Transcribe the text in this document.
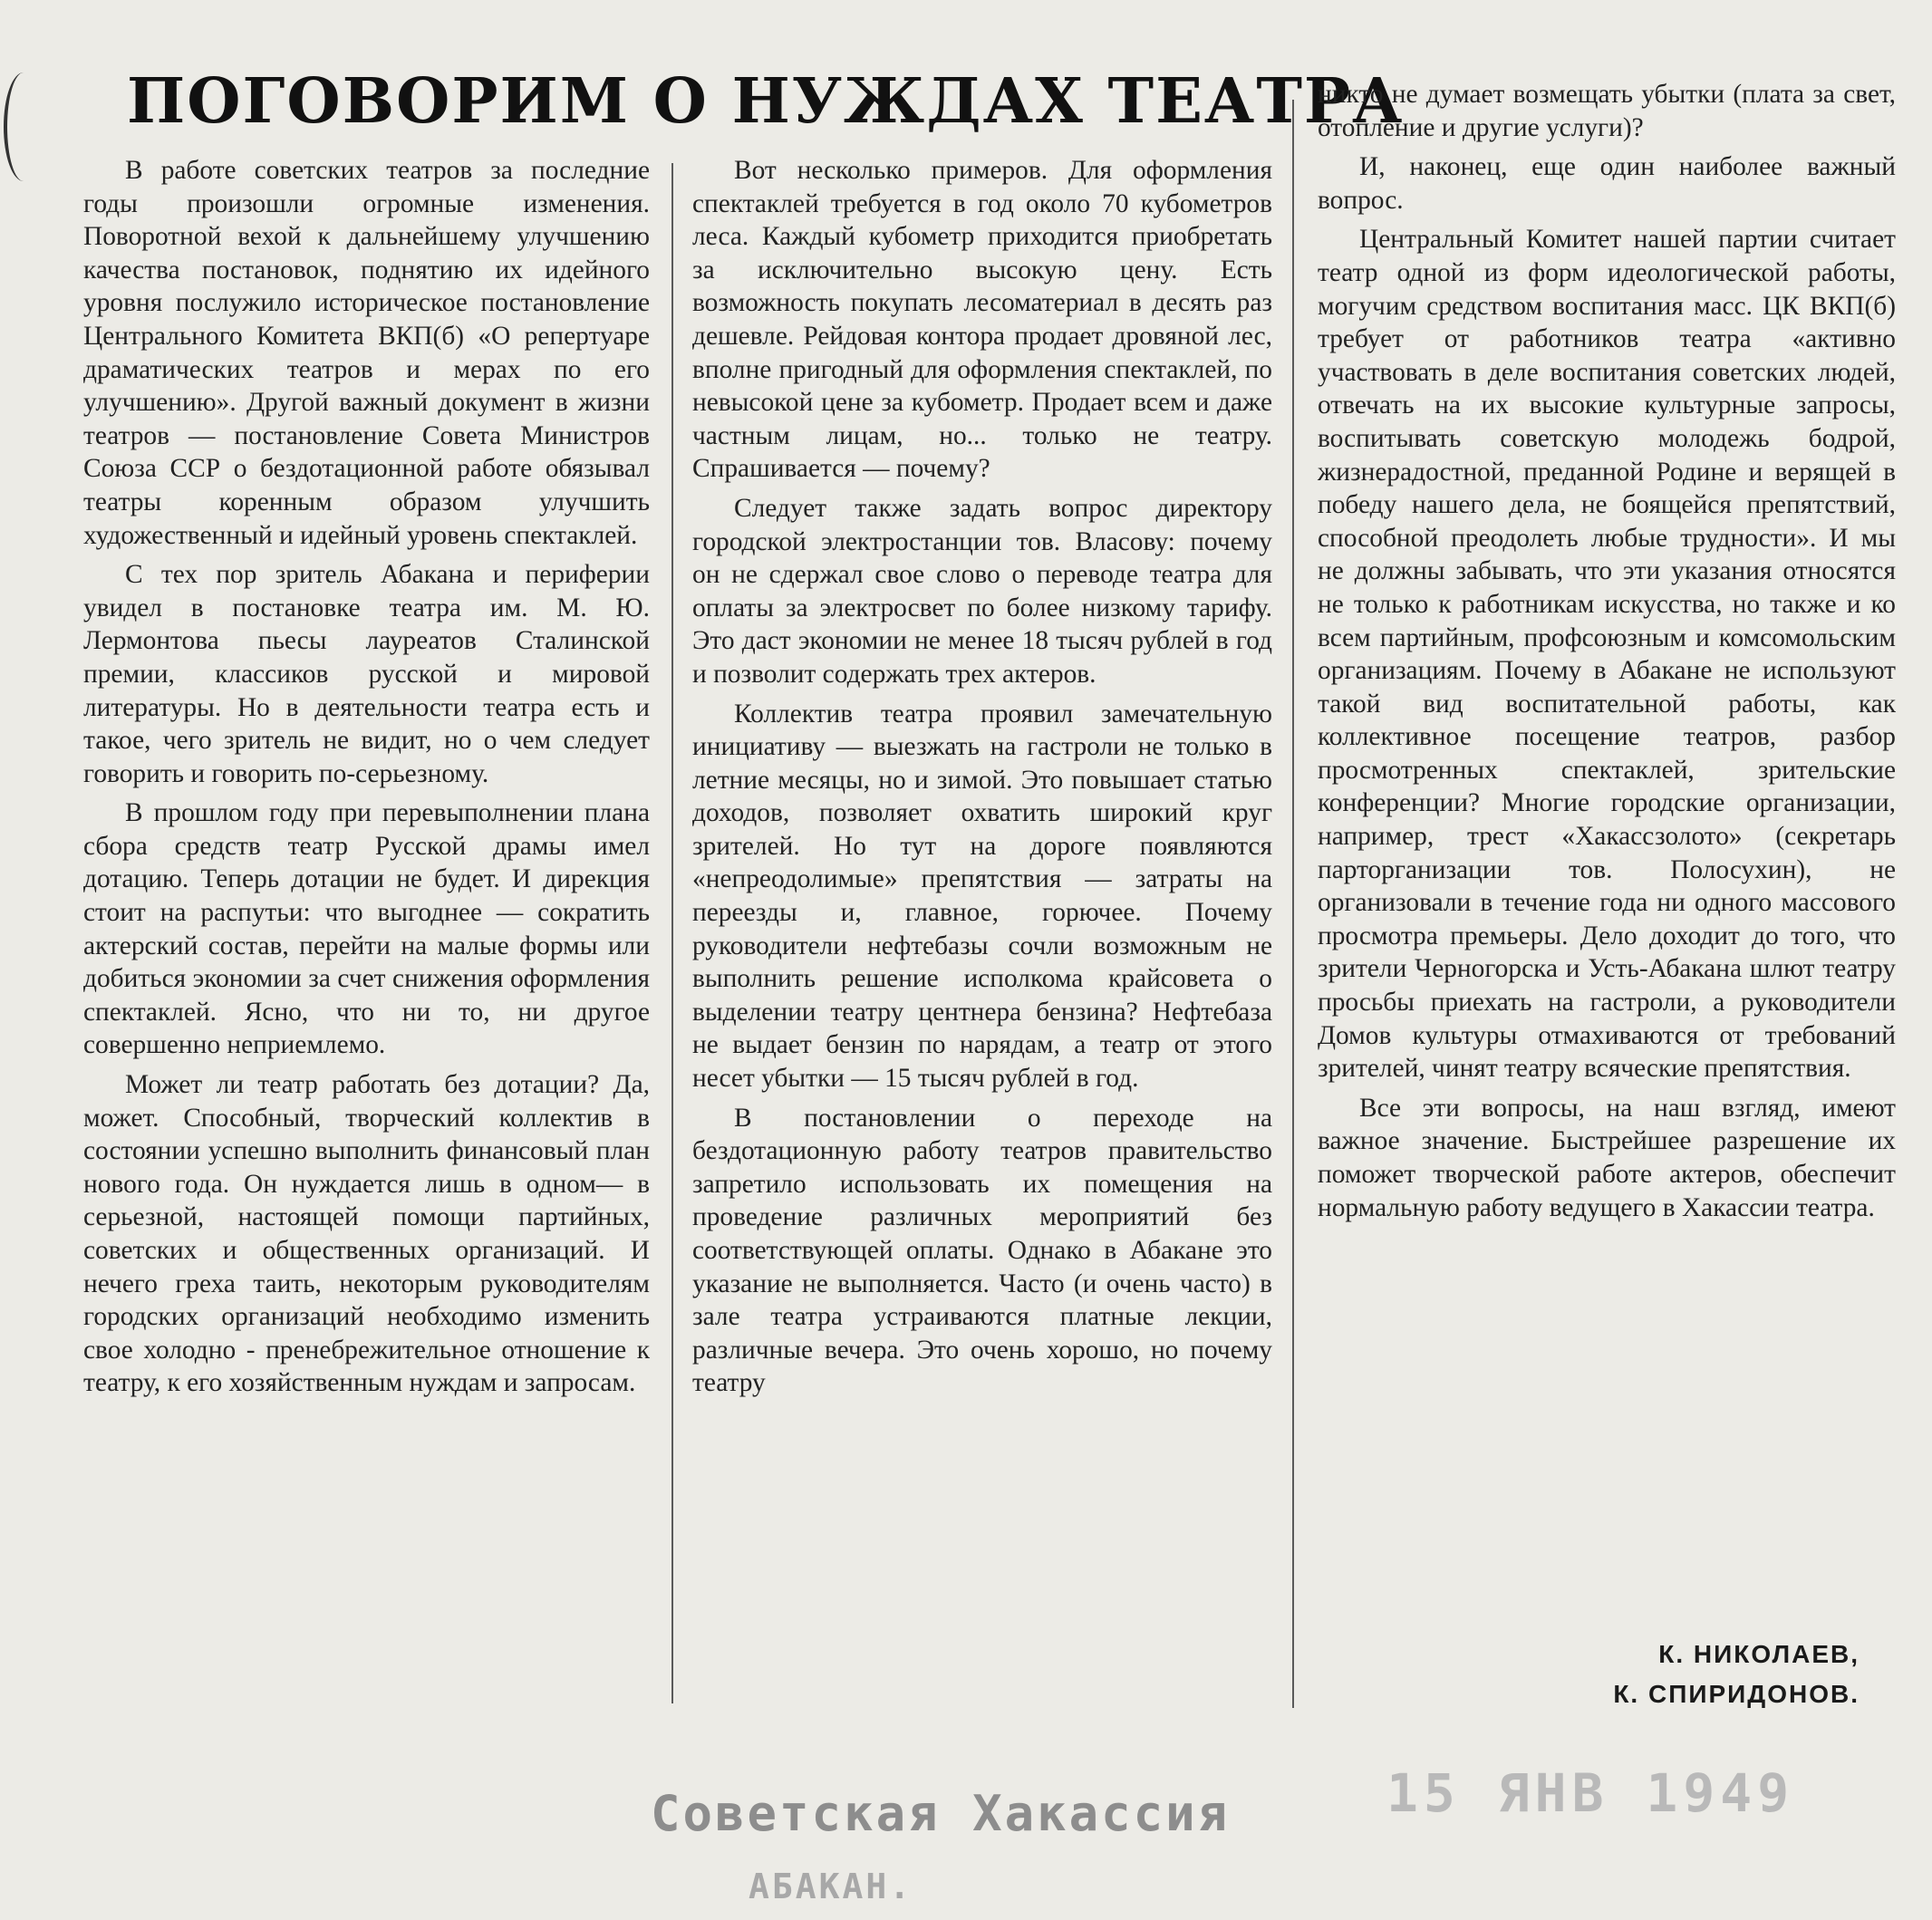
ПОГОВОРИМ О НУЖДАХ ТЕАТРА

В работе советских театров за последние годы произошли огромные изменения. Поворотной вехой к дальнейшему улучшению качества постановок, поднятию их идейного уровня послужило историческое постановление Центрального Комитета ВКП(б) «О репертуаре драматических театров и мерах по его улучшению». Другой важный документ в жизни театров — постановление Совета Министров Союза ССР о бездотационной работе обязывал театры коренным образом улучшить художественный и идейный уровень спектаклей.

С тех пор зритель Абакана и периферии увидел в постановке театра им. М. Ю. Лермонтова пьесы лауреатов Сталинской премии, классиков русской и мировой литературы. Но в деятельности театра есть и такое, чего зритель не видит, но о чем следует говорить и говорить по-серьезному.

В прошлом году при перевыполнении плана сбора средств театр Русской драмы имел дотацию. Теперь дотации не будет. И дирекция стоит на распутьи: что выгоднее — сократить актерский состав, перейти на малые формы или добиться экономии за счет снижения оформления спектаклей. Ясно, что ни то, ни другое совершенно неприемлемо.

Может ли театр работать без дотации? Да, может. Способный, творческий коллектив в состоянии успешно выполнить финансовый план нового года. Он нуждается лишь в одном— в серьезной, настоящей помощи партийных, советских и общественных организаций. И нечего греха таить, некоторым руководителям городских организаций необходимо изменить свое холодно - пренебрежительное отношение к театру, к его хозяйственным нуждам и запросам.

Вот несколько примеров. Для оформления спектаклей требуется в год около 70 кубометров леса. Каждый кубометр приходится приобретать за исключительно высокую цену. Есть возможность покупать лесоматериал в десять раз дешевле. Рейдовая контора продает дровяной лес, вполне пригодный для оформления спектаклей, по невысокой цене за кубометр. Продает всем и даже частным лицам, но... только не театру. Спрашивается — почему?

Следует также задать вопрос директору городской электростанции тов. Власову: почему он не сдержал свое слово о переводе театра для оплаты за электросвет по более низкому тарифу. Это даст экономии не менее 18 тысяч рублей в год и позволит содержать трех актеров.

Коллектив театра проявил замечательную инициативу — выезжать на гастроли не только в летние месяцы, но и зимой. Это повышает статью доходов, позволяет охватить широкий круг зрителей. Но тут на дороге появляются «непреодолимые» препятствия — затраты на переезды и, главное, горючее. Почему руководители нефтебазы сочли возможным не выполнить решение исполкома крайсовета о выделении театру центнера бензина? Нефтебаза не выдает бензин по нарядам, а театр от этого несет убытки — 15 тысяч рублей в год.

В постановлении о переходе на бездотационную работу театров правительство запретило использовать их помещения на проведение различных мероприятий без соответствующей оплаты. Однако в Абакане это указание не выполняется. Часто (и очень часто) в зале театра устраиваются платные лекции, различные вечера. Это очень хорошо, но почему театру

никто не думает возмещать убытки (плата за свет, отопление и другие услуги)?

И, наконец, еще один наиболее важный вопрос.

Центральный Комитет нашей партии считает театр одной из форм идеологической работы, могучим средством воспитания масс. ЦК ВКП(б) требует от работников театра «активно участвовать в деле воспитания советских людей, отвечать на их высокие культурные запросы, воспитывать советскую молодежь бодрой, жизнерадостной, преданной Родине и верящей в победу нашего дела, не боящейся препятствий, способной преодолеть любые трудности». И мы не должны забывать, что эти указания относятся не только к работникам искусства, но также и ко всем партийным, профсоюзным и комсомольским организациям. Почему в Абакане не используют такой вид воспитательной работы, как коллективное посещение театров, разбор просмотренных спектаклей, зрительские конференции? Многие городские организации, например, трест «Хакассзолото» (секретарь парторганизации тов. Полосухин), не организовали в течение года ни одного массового просмотра премьеры. Дело доходит до того, что зрители Черногорска и Усть-Абакана шлют театру просьбы приехать на гастроли, а руководители Домов культуры отмахиваются от требований зрителей, чинят театру всяческие препятствия.

Все эти вопросы, на наш взгляд, имеют важное значение. Быстрейшее разрешение их поможет творческой работе актеров, обеспечит нормальную работу ведущего в Хакассии театра.

К. НИКОЛАЕВ,
К. СПИРИДОНОВ.
Советская Хакассия
АБАКАН.
15 ЯНВ 1949
